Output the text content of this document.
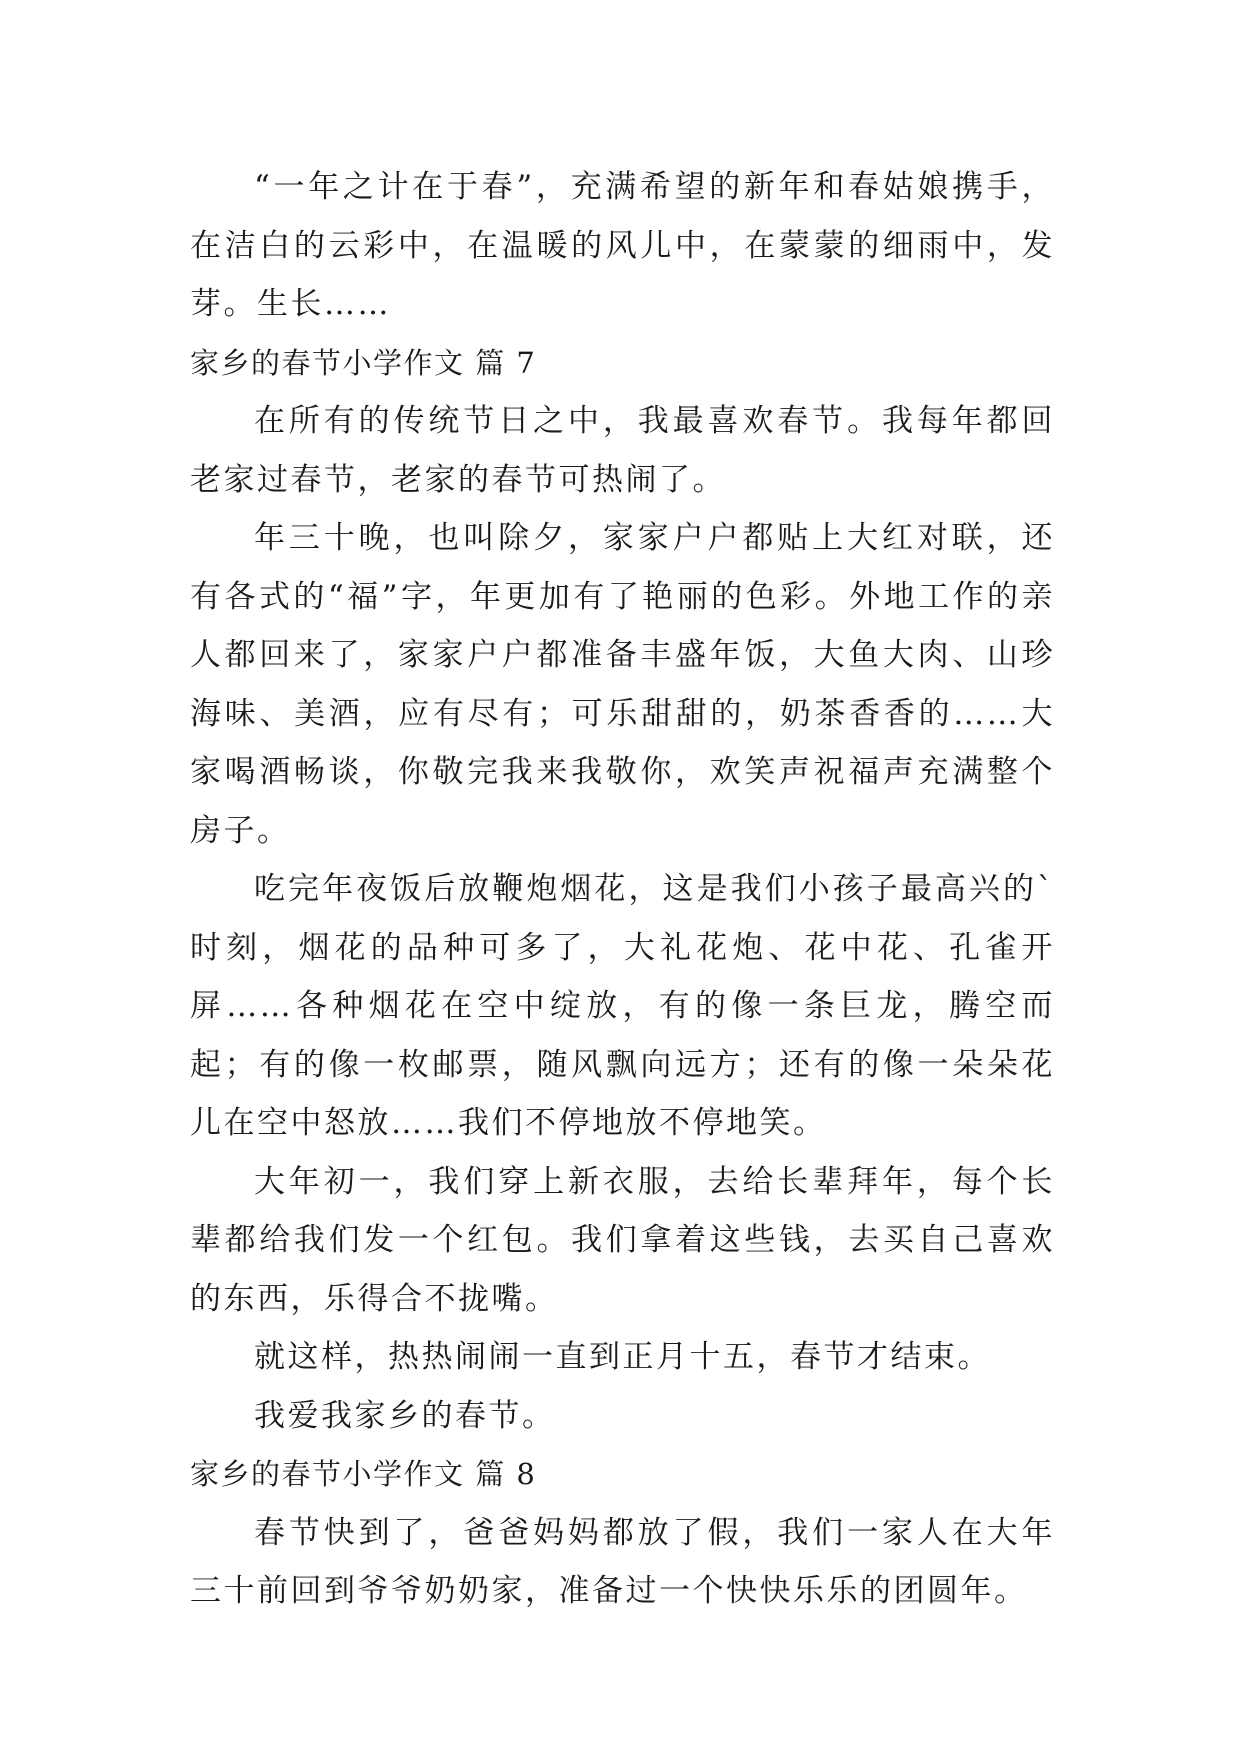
“一年之计在于春”，充满希望的新年和春姑娘携手，在洁白的云彩中，在温暖的风儿中，在蒙蒙的细雨中，发芽。生长……

家乡的春节小学作文 篇 7

在所有的传统节日之中，我最喜欢春节。我每年都回老家过春节，老家的春节可热闹了。

年三十晚，也叫除夕，家家户户都贴上大红对联，还有各式的“福”字，年更加有了艳丽的色彩。外地工作的亲人都回来了，家家户户都准备丰盛年饭，大鱼大肉、山珍海味、美酒，应有尽有；可乐甜甜的，奶茶香香的……大家喝酒畅谈，你敬完我来我敬你，欢笑声祝福声充满整个房子。

吃完年夜饭后放鞭炮烟花，这是我们小孩子最高兴的`时刻，烟花的品种可多了，大礼花炮、花中花、孔雀开屏……各种烟花在空中绽放，有的像一条巨龙，腾空而起；有的像一枚邮票，随风飘向远方；还有的像一朵朵花儿在空中怒放……我们不停地放不停地笑。

大年初一，我们穿上新衣服，去给长辈拜年，每个长辈都给我们发一个红包。我们拿着这些钱，去买自己喜欢的东西，乐得合不拢嘴。

就这样，热热闹闹一直到正月十五，春节才结束。

我爱我家乡的春节。

家乡的春节小学作文 篇 8

春节快到了，爸爸妈妈都放了假，我们一家人在大年三十前回到爷爷奶奶家，准备过一个快快乐乐的团圆年。
